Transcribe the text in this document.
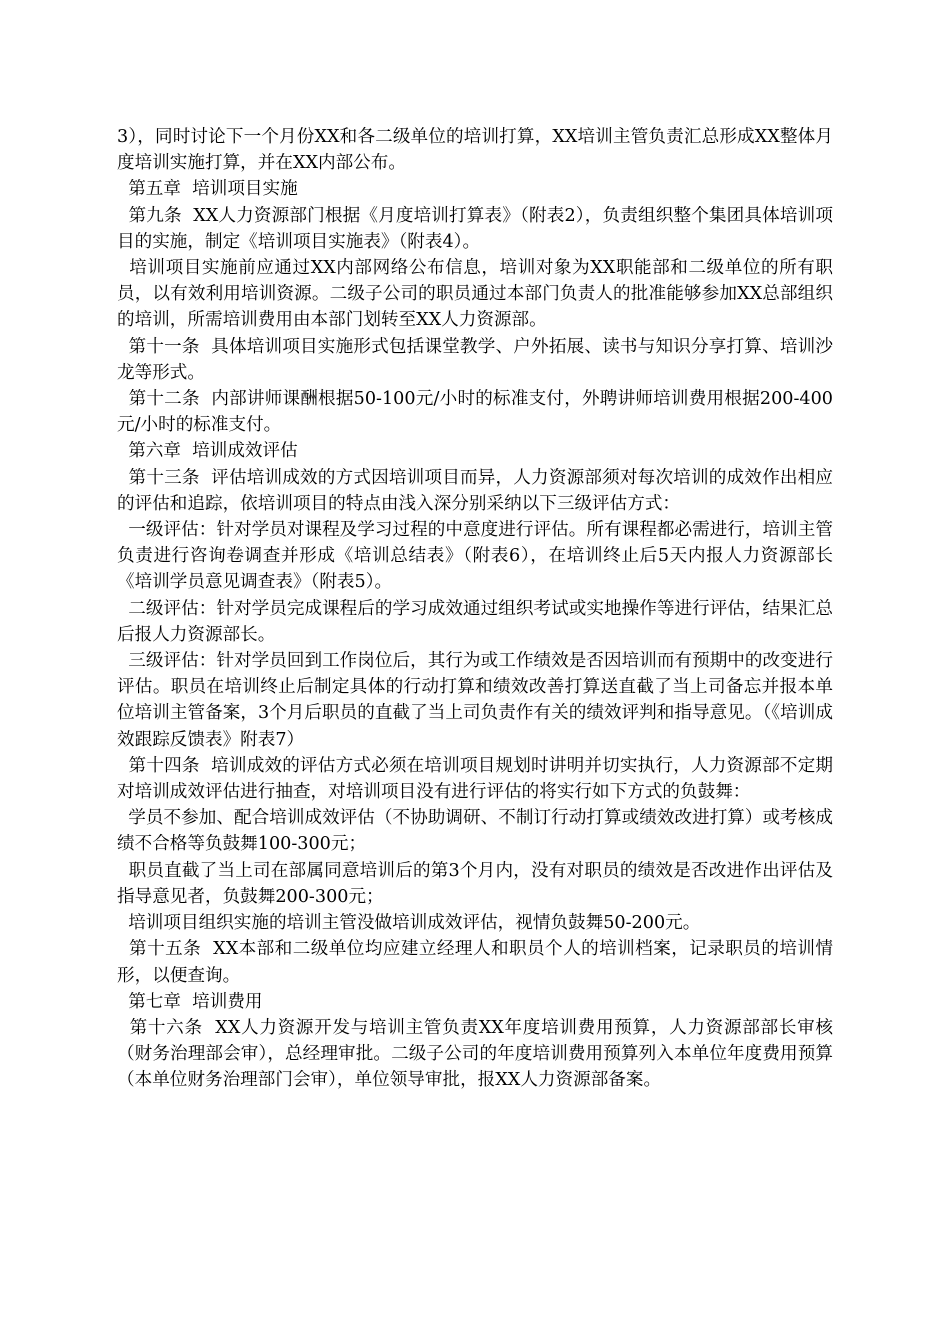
3），同时讨论下一个月份XX和各二级单位的培训打算，XX培训主管负责汇总形成XX整体月度培训实施打算，并在XX内部公布。

第五章  培训项目实施

第九条  XX人力资源部门根据《月度培训打算表》（附表2），负责组织整个集团具体培训项目的实施，制定《培训项目实施表》（附表4）。

培训项目实施前应通过XX内部网络公布信息，培训对象为XX职能部和二级单位的所有职员，以有效利用培训资源。二级子公司的职员通过本部门负责人的批准能够参加XX总部组织的培训，所需培训费用由本部门划转至XX人力资源部。

第十一条  具体培训项目实施形式包括课堂教学、户外拓展、读书与知识分享打算、培训沙龙等形式。

第十二条  内部讲师课酬根据50-100元/小时的标准支付，外聘讲师培训费用根据200-400元/小时的标准支付。

第六章  培训成效评估

第十三条  评估培训成效的方式因培训项目而异，人力资源部须对每次培训的成效作出相应的评估和追踪，依培训项目的特点由浅入深分别采纳以下三级评估方式：

一级评估：针对学员对课程及学习过程的中意度进行评估。所有课程都必需进行，培训主管负责进行咨询卷调查并形成《培训总结表》（附表6），在培训终止后5天内报人力资源部长《培训学员意见调查表》（附表5）。

二级评估：针对学员完成课程后的学习成效通过组织考试或实地操作等进行评估，结果汇总后报人力资源部长。

三级评估：针对学员回到工作岗位后，其行为或工作绩效是否因培训而有预期中的改变进行评估。职员在培训终止后制定具体的行动打算和绩效改善打算送直截了当上司备忘并报本单位培训主管备案，3个月后职员的直截了当上司负责作有关的绩效评判和指导意见。（《培训成效跟踪反馈表》附表7）

第十四条  培训成效的评估方式必须在培训项目规划时讲明并切实执行，人力资源部不定期对培训成效评估进行抽查，对培训项目没有进行评估的将实行如下方式的负鼓舞：

学员不参加、配合培训成效评估（不协助调研、不制订行动打算或绩效改进打算）或考核成绩不合格等负鼓舞100-300元；

职员直截了当上司在部属同意培训后的第3个月内，没有对职员的绩效是否改进作出评估及指导意见者，负鼓舞200-300元；

培训项目组织实施的培训主管没做培训成效评估，视情负鼓舞50-200元。

第十五条  XX本部和二级单位均应建立经理人和职员个人的培训档案，记录职员的培训情形，以便查询。

第七章  培训费用

第十六条  XX人力资源开发与培训主管负责XX年度培训费用预算，人力资源部部长审核（财务治理部会审），总经理审批。二级子公司的年度培训费用预算列入本单位年度费用预算（本单位财务治理部门会审），单位领导审批，报XX人力资源部备案。
